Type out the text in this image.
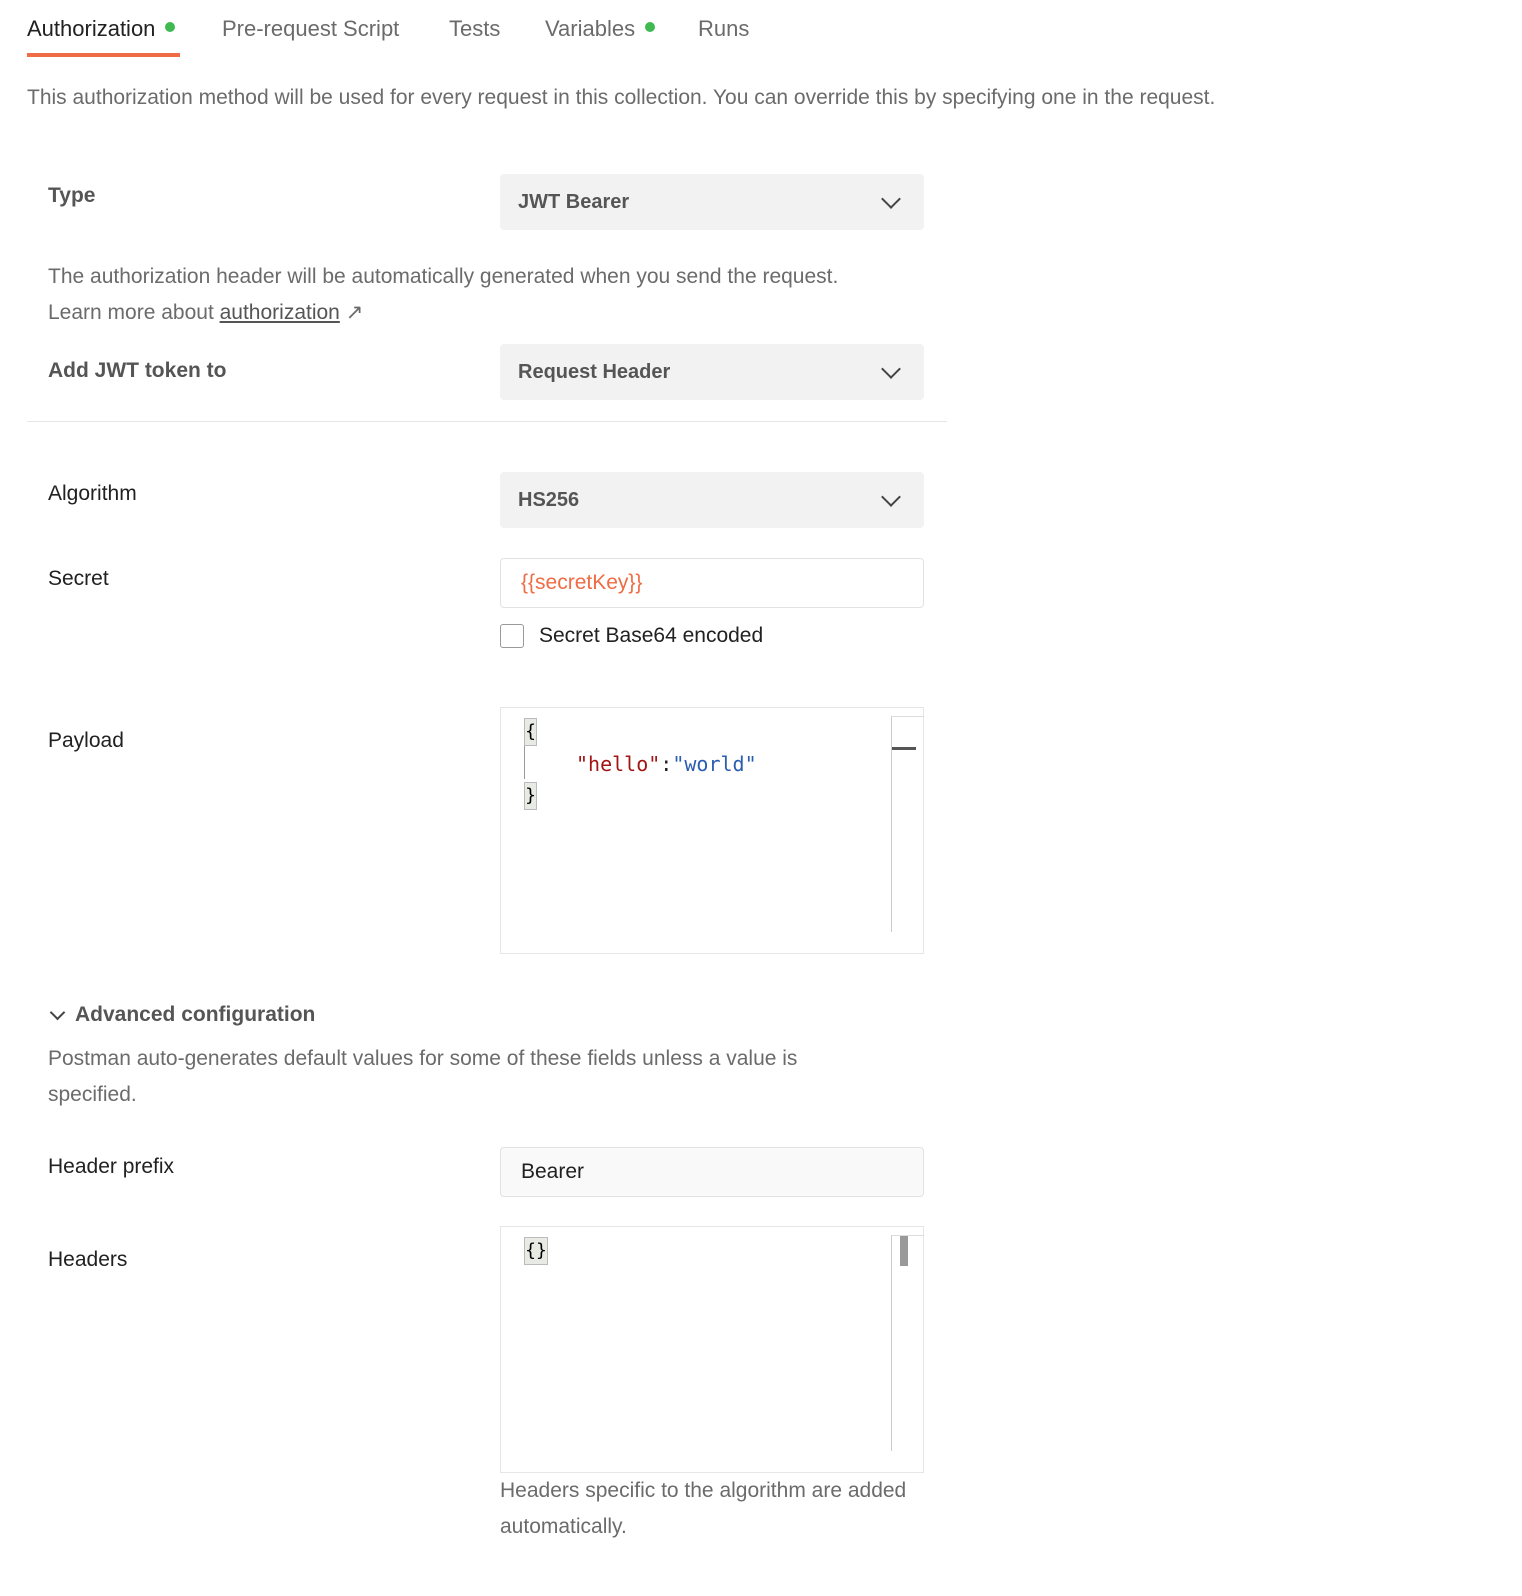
Authorization	Pre-request Script Tests Variables	Runs
This authorization method will be used for every request in this collection. You can override this by specifying one in the request.
Type	JWT Bearer
The authorization header will be automatically generated when you send the request. Learn more about authorization ↗
Add JWT token to	Request Header
Algorithm	HS256
Secret	{{secretKey}}
Secret Base64 encoded
Payload	{
"hello":"world"
}
Advanced configuration
Postman auto-generates default values for some of these fields unless a value is specified.
Header prefix	Bearer
Headers	{}
Headers specific to the algorithm are added automatically.
